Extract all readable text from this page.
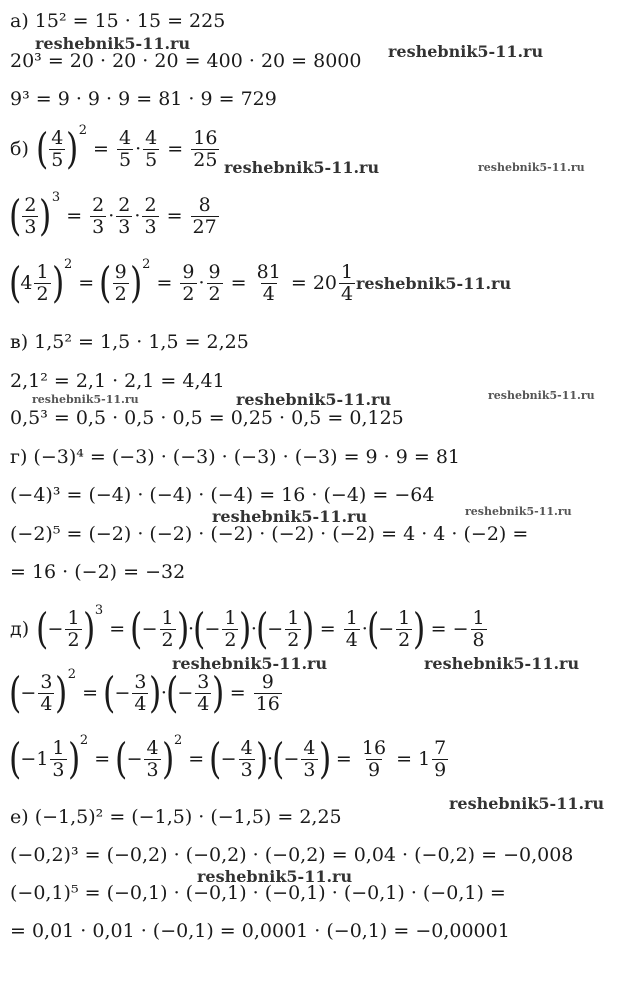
а) 15² = 15 · 15 = 225
20³ = 20 · 20 · 20 = 400 · 20 = 8000
9³ = 9 · 9 · 9 = 81 · 9 = 729
б) ( $\frac{4}{5}$ ) 2
= $\frac{4}{5} \cdot \frac{4}{5} = \frac{16}{25}$
( $\frac{2}{3}$ ) 3
= $\frac{2}{3} \cdot \frac{2}{3} \cdot \frac{2}{3} = \frac{8}{27}$
( $4 \frac{1}{2}$ ) 2
= ( $\frac{9}{2}$ ) 2
= $\frac{9}{2} \cdot \frac{9}{2} = \frac{81}{4} = 20 \frac{1}{4}$
в) 1,5² = 1,5 · 1,5 = 2,25
2,1² = 2,1 · 2,1 = 4,41
0,5³ = 0,5 · 0,5 · 0,5 = 0,25 · 0,5 = 0,125
г) (−3)⁴ = (−3) · (−3) · (−3) · (−3) = 9 · 9 = 81
(−4)³ = (−4) · (−4) · (−4) = 16 · (−4) = −64
(−2)⁵ = (−2) · (−2) · (−2) · (−2) · (−2) = 4 · 4 · (−2) =
= 16 · (−2) = −32
д) ( − $\frac{1}{2}$ ) 3
= ( − $\frac{1}{2}$ ) · ( − $\frac{1}{2}$ ) · ( − $\frac{1}{2}$ ) = $\frac{1}{4}$ · ( − $\frac{1}{2}$ ) = − $\frac{1}{8}$
( − $\frac{3}{4}$ ) 2
= ( − $\frac{3}{4}$ ) · ( − $\frac{3}{4}$ ) = $\frac{9}{16}$
( − $1 \frac{1}{3}$ ) 2
= ( − $\frac{4}{3}$ ) 2
= ( − $\frac{4}{3}$ ) · ( − $\frac{4}{3}$ ) = $\frac{16}{9} = 1 \frac{7}{9}$
е) (−1,5)² = (−1,5) · (−1,5) = 2,25
(−0,2)³ = (−0,2) · (−0,2) · (−0,2) = 0,04 · (−0,2) = −0,008
(−0,1)⁵ = (−0,1) · (−0,1) · (−0,1) · (−0,1) · (−0,1) =
= 0,01 · 0,01 · (−0,1) = 0,0001 · (−0,1) = −0,00001
reshebnik5-11.ru	reshebnik5-11.ru
reshebnik5-11.ru	reshebnik5-11.ru
reshebnik5-11.ru
reshebnik5-11.ru	reshebnik5-11.ru	reshebnik5-11.ru
reshebnik5-11.ru	reshebnik5-11.ru
reshebnik5-11.ru	reshebnik5-11.ru
reshebnik5-11.ru
reshebnik5-11.ru
